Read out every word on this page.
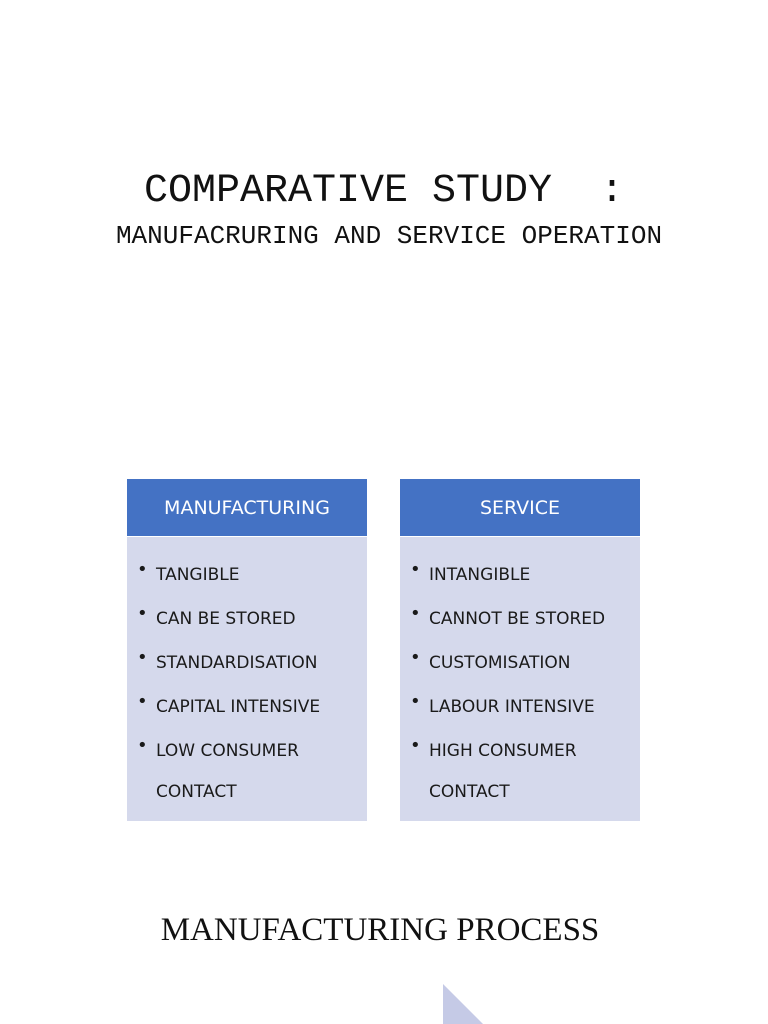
COMPARATIVE STUDY  :
MANUFACRURING AND SERVICE OPERATION
MANUFACTURING
• TANGIBLE
• CAN BE STORED
• STANDARDISATION
• CAPITAL INTENSIVE
• LOW CONSUMER CONTACT
SERVICE
• INTANGIBLE
• CANNOT BE STORED
• CUSTOMISATION
• LABOUR INTENSIVE
• HIGH CONSUMER CONTACT
MANUFACTURING PROCESS
